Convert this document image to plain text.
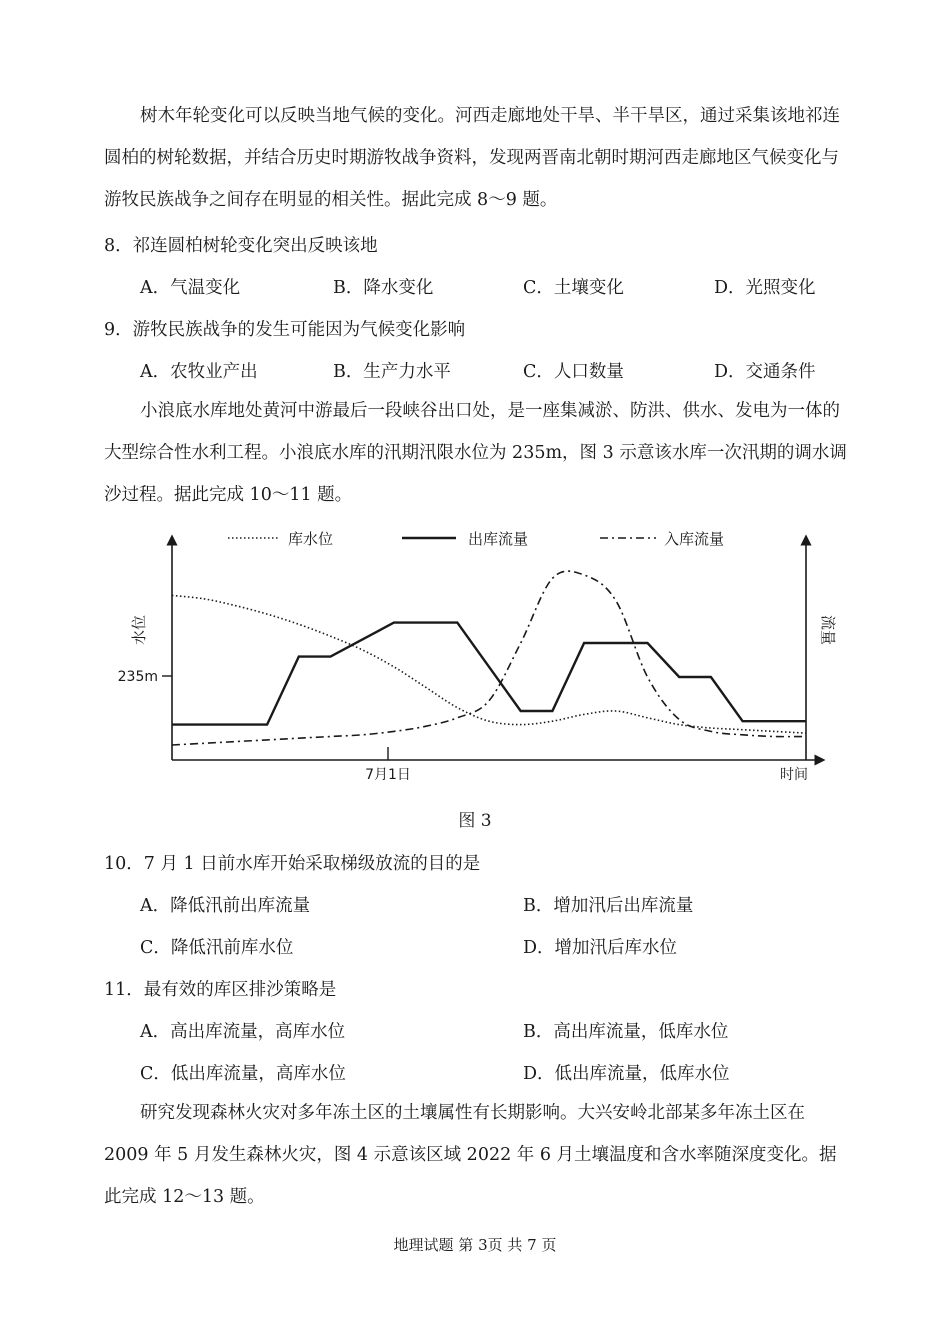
树木年轮变化可以反映当地气候的变化。河西走廊地处干旱、半干旱区，通过采集该地祁连圆柏的树轮数据，并结合历史时期游牧战争资料，发现两晋南北朝时期河西走廊地区气候变化与游牧民族战争之间存在明显的相关性。据此完成 8～9 题。

8．祁连圆柏树轮变化突出反映该地
A．气温变化	B．降水变化	C．土壤变化	D．光照变化
9．游牧民族战争的发生可能因为气候变化影响
A．农牧业产出	B．生产力水平	C．人口数量	D．交通条件

小浪底水库地处黄河中游最后一段峡谷出口处，是一座集减淤、防洪、供水、发电为一体的大型综合性水利工程。小浪底水库的汛期汛限水位为 235m，图 3 示意该水库一次汛期的调水调沙过程。据此完成 10～11 题。

库水位	出库流量	入库流量
水位	流量
235m
7月1日	时间
图 3
10．7 月 1 日前水库开始采取梯级放流的目的是
A．降低汛前出库流量	B．增加汛后出库流量
C．降低汛前库水位	D．增加汛后库水位
11．最有效的库区排沙策略是
A．高出库流量，高库水位	B．高出库流量，低库水位
C．低出库流量，高库水位	D．低出库流量，低库水位

研究发现森林火灾对多年冻土区的土壤属性有长期影响。大兴安岭北部某多年冻土区在 2009 年 5 月发生森林火灾，图 4 示意该区域 2022 年 6 月土壤温度和含水率随深度变化。据此完成 12～13 题。

地理试题 第 3页 共 7 页
